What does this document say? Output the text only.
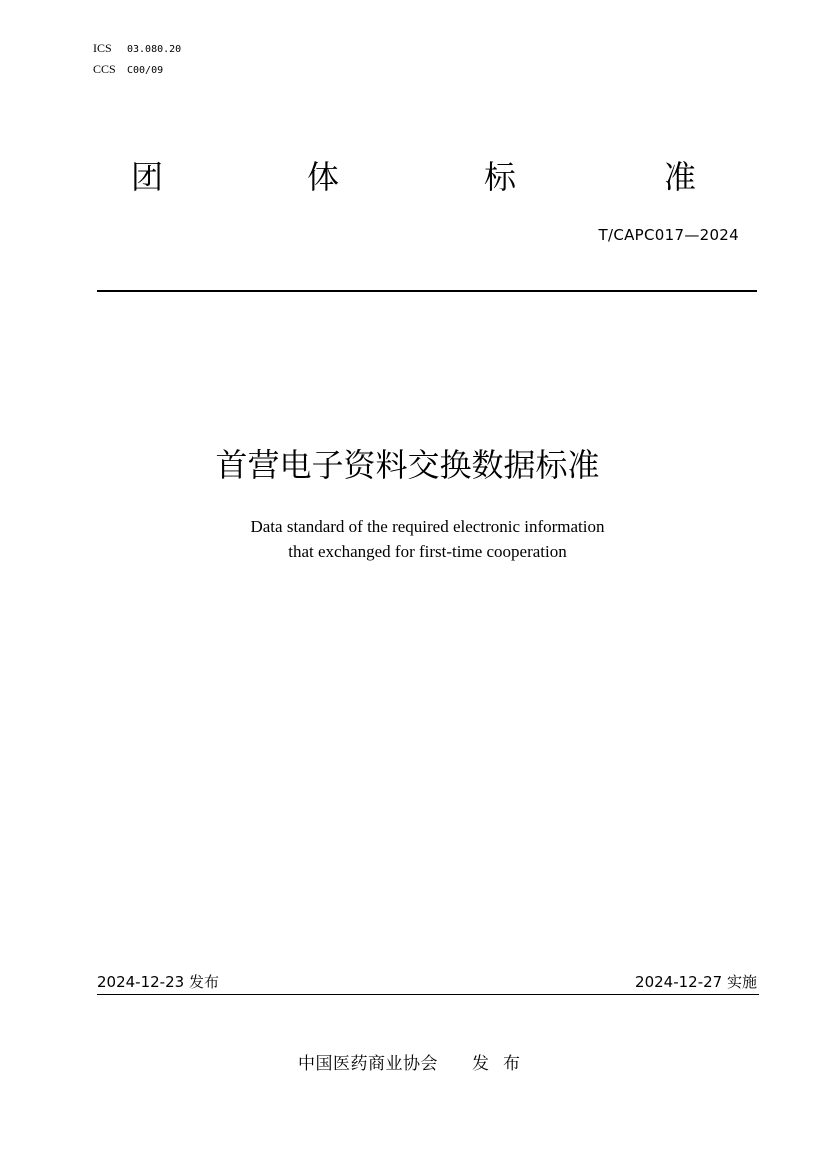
ICS 03.080.20
CCS C00/09
团	体	标	准
T/CAPC017—2024
首营电子资料交换数据标准
Data standard of the required electronic information
that exchanged for first-time cooperation
2024-12-23 发布	2024-12-27 实施
中国医药商业协会 发布
